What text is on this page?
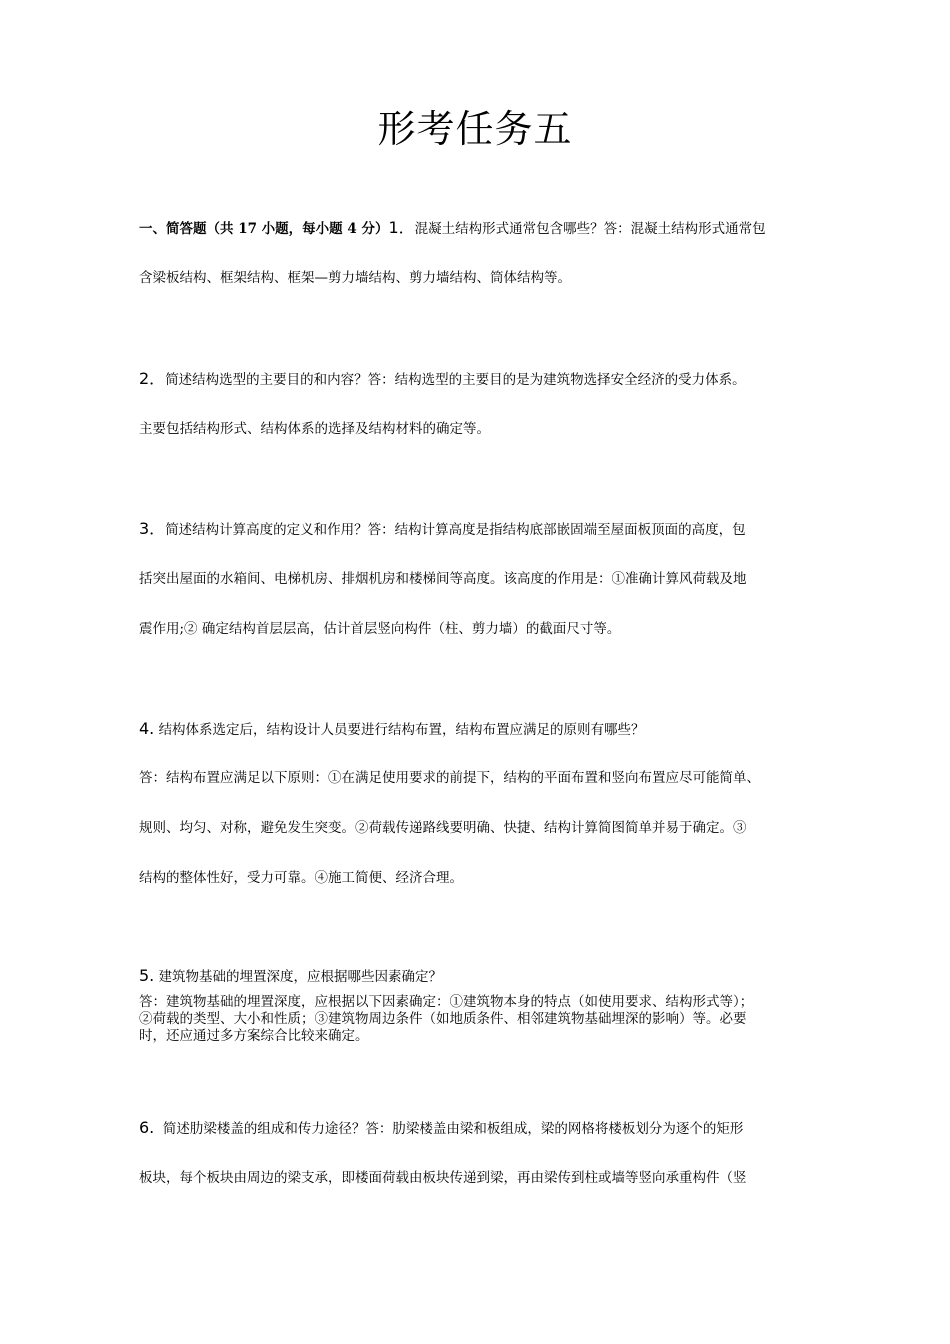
形考任务五
一、简答题（共 17 小题，每小题 4 分）1．混凝土结构形式通常包含哪些？答：混凝土结构形式通常包
含梁板结构、框架结构、框架—剪力墙结构、剪力墙结构、筒体结构等。
2．简述结构选型的主要目的和内容？答：结构选型的主要目的是为建筑物选择安全经济的受力体系。
主要包括结构形式、结构体系的选择及结构材料的确定等。
3．简述结构计算高度的定义和作用？答：结构计算高度是指结构底部嵌固端至屋面板顶面的高度，包
括突出屋面的水箱间、电梯机房、排烟机房和楼梯间等高度。该高度的作用是：①准确计算风荷载及地
震作用;② 确定结构首层层高，估计首层竖向构件（柱、剪力墙）的截面尺寸等。
4. 结构体系选定后，结构设计人员要进行结构布置，结构布置应满足的原则有哪些？
答：结构布置应满足以下原则：①在满足使用要求的前提下，结构的平面布置和竖向布置应尽可能简单、
规则、均匀、对称，避免发生突变。②荷载传递路线要明确、快捷、结构计算简图简单并易于确定。③
结构的整体性好，受力可靠。④施工简便、经济合理。
5. 建筑物基础的埋置深度，应根据哪些因素确定？
答：建筑物基础的埋置深度，应根据以下因素确定：①建筑物本身的特点（如使用要求、结构形式等）；
②荷载的类型、大小和性质；③建筑物周边条件（如地质条件、相邻建筑物基础埋深的影响）等。必要
时，还应通过多方案综合比较来确定。
6. 简述肋梁楼盖的组成和传力途径？答：肋梁楼盖由梁和板组成，梁的网格将楼板划分为逐个的矩形
板块，每个板块由周边的梁支承，即楼面荷载由板块传递到梁，再由梁传到柱或墙等竖向承重构件（竖
